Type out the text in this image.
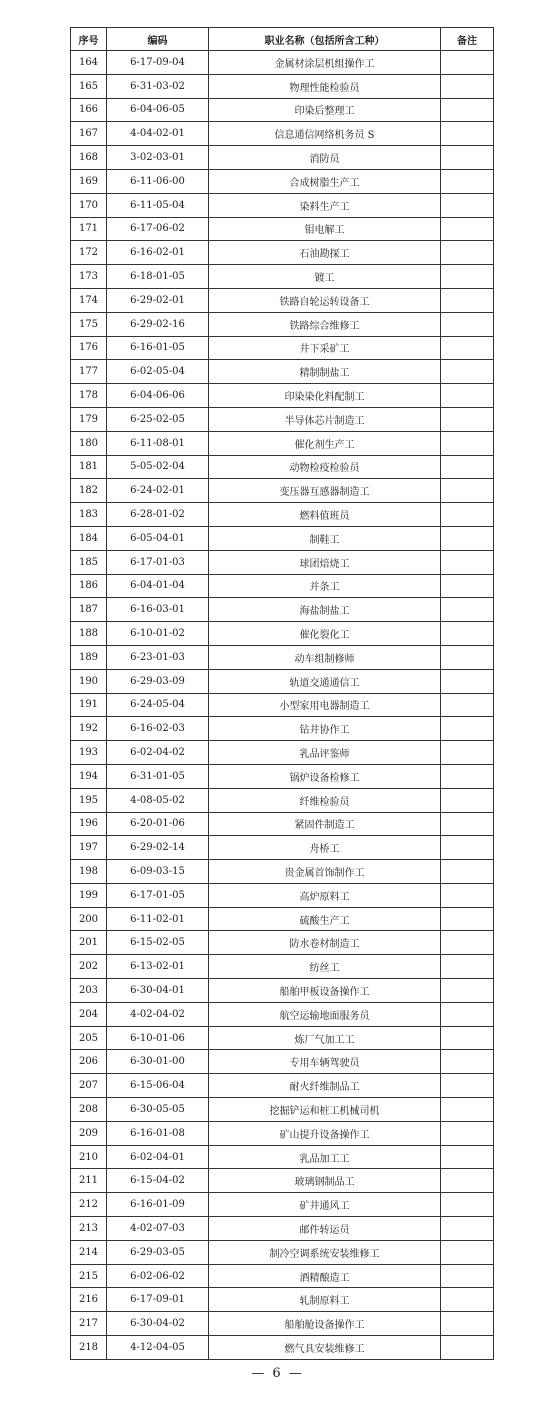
序号	编码	职业名称（包括所含工种）	备注
164	6-17-09-04	金属材涂层机组操作工	
165	6-31-03-02	物理性能检验员	
166	6-04-06-05	印染后整理工	
167	4-04-02-01	信息通信网络机务员 S	
168	3-02-03-01	消防员	
169	6-11-06-00	合成树脂生产工	
170	6-11-05-04	染料生产工	
171	6-17-06-02	钼电解工	
172	6-16-02-01	石油勘探工	
173	6-18-01-05	镀工	
174	6-29-02-01	铁路自轮运转设备工	
175	6-29-02-16	铁路综合维修工	
176	6-16-01-05	井下采矿工	
177	6-02-05-04	精制制盐工	
178	6-04-06-06	印染染化料配制工	
179	6-25-02-05	半导体芯片制造工	
180	6-11-08-01	催化剂生产工	
181	5-05-02-04	动物检疫检验员	
182	6-24-02-01	变压器互感器制造工	
183	6-28-01-02	燃料值班员	
184	6-05-04-01	制鞋工	
185	6-17-01-03	球团焙烧工	
186	6-04-01-04	并条工	
187	6-16-03-01	海盐制盐工	
188	6-10-01-02	催化裂化工	
189	6-23-01-03	动车组制修师	
190	6-29-03-09	轨道交通通信工	
191	6-24-05-04	小型家用电器制造工	
192	6-16-02-03	钻井协作工	
193	6-02-04-02	乳品评鉴师	
194	6-31-01-05	锅炉设备检修工	
195	4-08-05-02	纤维检验员	
196	6-20-01-06	紧固件制造工	
197	6-29-02-14	舟桥工	
198	6-09-03-15	贵金属首饰制作工	
199	6-17-01-05	高炉原料工	
200	6-11-02-01	硫酸生产工	
201	6-15-02-05	防水卷材制造工	
202	6-13-02-01	纺丝工	
203	6-30-04-01	船舶甲板设备操作工	
204	4-02-04-02	航空运输地面服务员	
205	6-10-01-06	炼厂气加工工	
206	6-30-01-00	专用车辆驾驶员	
207	6-15-06-04	耐火纤维制品工	
208	6-30-05-05	挖掘铲运和桩工机械司机	
209	6-16-01-08	矿山提升设备操作工	
210	6-02-04-01	乳品加工工	
211	6-15-04-02	玻璃钢制品工	
212	6-16-01-09	矿井通风工	
213	4-02-07-03	邮件转运员	
214	6-29-03-05	制冷空调系统安装维修工	
215	6-02-06-02	酒精酿造工	
216	6-17-09-01	轧制原料工	
217	6-30-04-02	船舶舱设备操作工	
218	4-12-04-05	燃气具安装维修工	
— 6 —
